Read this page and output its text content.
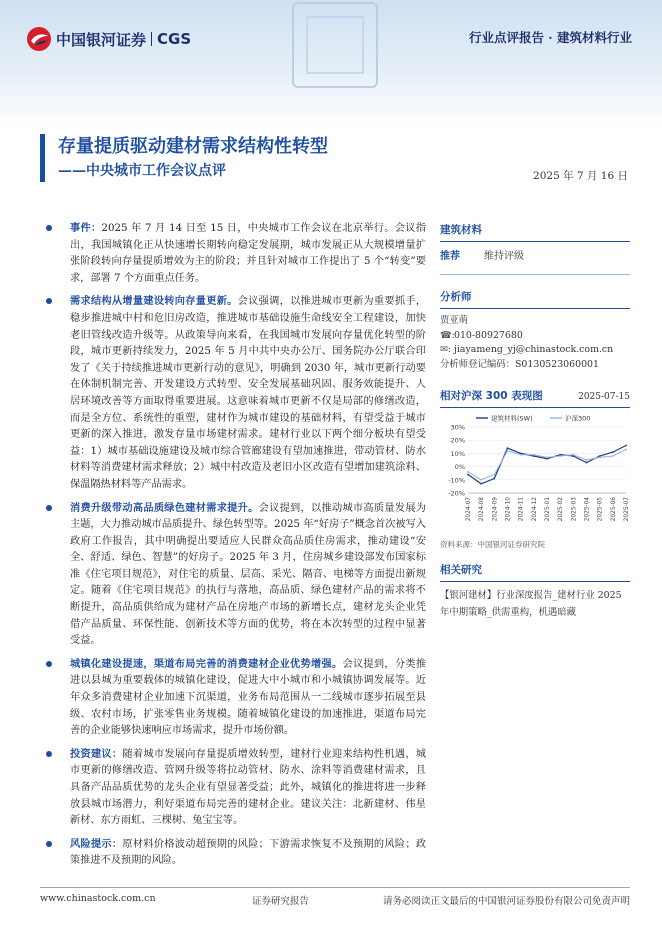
中国银河证券 CGS	行业点评报告 · 建筑材料行业
存量提质驱动建材需求结构性转型
——中央城市工作会议点评	2025 年 7 月 16 日
事件：2025 年 7 月 14 日至 15 日，中央城市工作会议在北京举行。会议指出，我国城镇化正从快速增长期转向稳定发展期，城市发展正从大规模增量扩张阶段转向存量提质增效为主的阶段；并且针对城市工作提出了 5 个“转变”要求，部署 7 个方面重点任务。
需求结构从增量建设转向存量更新。会议强调，以推进城市更新为重要抓手，稳步推进城中村和危旧房改造，推进城市基础设施生命线安全工程建设，加快老旧管线改造升级等。从政策导向来看，在我国城市发展向存量优化转型的阶段，城市更新持续发力，2025 年 5 月中共中央办公厅、国务院办公厅联合印发了《关于持续推进城市更新行动的意见》，明确到 2030 年，城市更新行动要在体制机制完善、开发建设方式转型、安全发展基础巩固、服务效能提升、人居环境改善等方面取得重要进展。这意味着城市更新不仅是局部的修缮改造，而是全方位、系统性的重塑，建材作为城市建设的基础材料，有望受益于城市更新的深入推进，激发存量市场建材需求。建材行业以下两个细分板块有望受益：1）城市基础设施建设及城市综合管廊建设有望加速推进，带动管材、防水材料等消费建材需求释放；2）城中村改造及老旧小区改造有望增加建筑涂料、保温隔热材料等产品需求。
消费升级带动高品质绿色建材需求提升。会议提到，以推动城市高质量发展为主题，大力推动城市品质提升、绿色转型等。2025 年“好房子”概念首次被写入政府工作报告，其中明确提出要适应人民群众高品质住房需求，推动建设“安全、舒适、绿色、智慧”的好房子。2025 年 3 月，住房城乡建设部发布国家标准《住宅项目规范》，对住宅的质量、层高、采光、隔音、电梯等方面提出新规定。随着《住宅项目规范》的执行与落地，高品质、绿色建材产品的需求将不断提升，高品质供给成为建材产品在房地产市场的新增长点，建材龙头企业凭借产品质量、环保性能、创新技术等方面的优势，将在本次转型的过程中显著受益。
城镇化建设提速，渠道布局完善的消费建材企业优势增强。会议提到，分类推进以县城为重要载体的城镇化建设，促进大中小城市和小城镇协调发展等。近年众多消费建材企业加速下沉渠道，业务布局范围从一二线城市逐步拓展至县级、农村市场，扩张零售业务规模。随着城镇化建设的加速推进，渠道布局完善的企业能够快速响应市场需求，提升市场份额。
投资建议：随着城市发展向存量提质增效转型，建材行业迎来结构性机遇，城市更新的修缮改造、管网升级等将拉动管材、防水、涂料等消费建材需求，且具备产品品质优势的龙头企业有望显著受益；此外，城镇化的推进将进一步释放县城市场潜力，利好渠道布局完善的建材企业。建议关注：北新建材、伟星新材、东方雨虹、三棵树、兔宝宝等。
风险提示：原材料价格波动超预期的风险；下游需求恢复不及预期的风险；政策推进不及预期的风险。
建筑材料
推荐	维持评级
分析师
贾亚萌
☎:010-80927680
✉: jiayameng_yj@chinastock.com.cn
分析师登记编码：S0130523060001
相对沪深 300 表现图	2025-07-15
30%
20%
10%
0%
-10%
-20%
2024-07 2024-08 2024-09 2024-10 2024-11 2024-12 2025-01 2025-02 2025-03 2025-04 2025-05 2025-06 2025-07
建筑材料(SW)	沪深300
资料来源：中国银河证券研究院
相关研究
【银河建材】行业深度报告_建材行业 2025 年中期策略_供需重构，机遇暗藏
www.chinastock.com.cn	证券研究报告	请务必阅读正文最后的中国银河证券股份有限公司免责声明
